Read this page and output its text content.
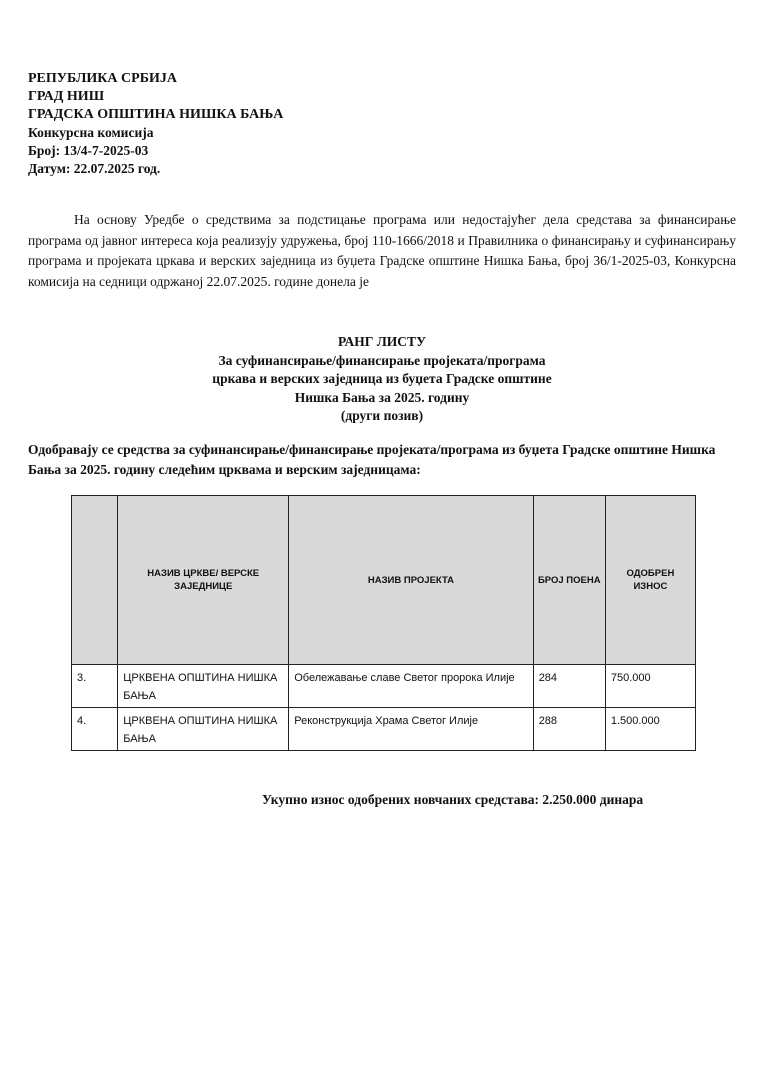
РЕПУБЛИКА СРБИЈА
ГРАД НИШ
ГРАДСКА ОПШТИНА НИШКА БАЊА
Конкурсна комисија
Број: 13/4-7-2025-03
Датум: 22.07.2025 год.
На основу Уредбе о средствима за подстицање програма или недостајућег дела средстава за финансирање програма од јавног интереса која реализују удружења, број 110-1666/2018 и Правилника о финансирању и суфинансирању програма и пројеката цркава и верских заједница из буџета Градске општине Нишка Бања, број 36/1-2025-03, Конкурсна комисија на седници одржаној 22.07.2025. године донела је
РАНГ ЛИСТУ
За суфинансирање/финансирање пројеката/програма
цркава и верских заједница из буџета Градске општине
Нишка Бања за 2025. годину
(други позив)
Одобравају се средства за суфинансирање/финансирање пројеката/програма из буџета Градске општине Нишка Бања за 2025. годину следећим црквама и верским заједницама:
	НАЗИВ ЦРКВЕ/ ВЕРСКЕ ЗАЈЕДНИЦЕ	НАЗИВ ПРОЈЕКТА	БРОЈ ПОЕНА	ОДОБРЕН ИЗНОС
3.	ЦРКВЕНА ОПШТИНА НИШКА БАЊА	Обележавање славе Светог пророка Илије	284	750.000
4.	ЦРКВЕНА ОПШТИНА НИШКА БАЊА	Реконструкција Храма Светог Илије	288	1.500.000
Укупно износ одобрених новчаних средстава: 2.250.000 динара
